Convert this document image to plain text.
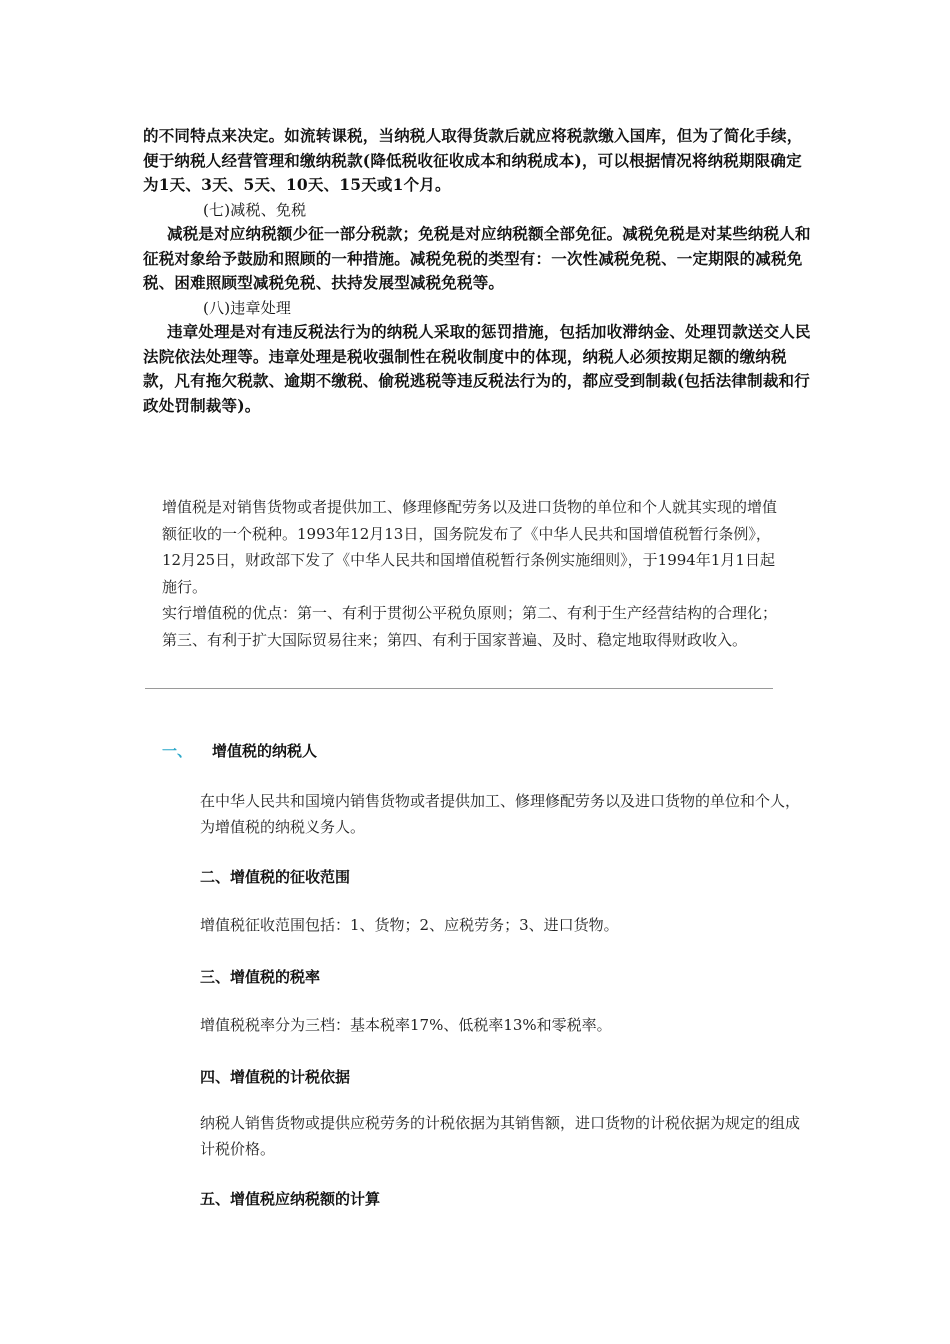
的不同特点来决定。如流转课税，当纳税人取得货款后就应将税款缴入国库，但为了简化手续，便于纳税人经营管理和缴纳税款(降低税收征收成本和纳税成本)，可以根据情况将纳税期限确定为1天、3天、5天、10天、15天或1个月。

(七)减税、免税

减税是对应纳税额少征一部分税款；免税是对应纳税额全部免征。减税免税是对某些纳税人和征税对象给予鼓励和照顾的一种措施。减税免税的类型有：一次性减税免税、一定期限的减税免税、困难照顾型减税免税、扶持发展型减税免税等。

(八)违章处理

违章处理是对有违反税法行为的纳税人采取的惩罚措施，包括加收滞纳金、处理罚款送交人民法院依法处理等。违章处理是税收强制性在税收制度中的体现，纳税人必须按期足额的缴纳税款，凡有拖欠税款、逾期不缴税、偷税逃税等违反税法行为的，都应受到制裁(包括法律制裁和行政处罚制裁等)。

增值税是对销售货物或者提供加工、修理修配劳务以及进口货物的单位和个人就其实现的增值额征收的一个税种。1993年12月13日，国务院发布了《中华人民共和国增值税暂行条例》，12月25日，财政部下发了《中华人民共和国增值税暂行条例实施细则》，于1994年1月1日起施行。

实行增值税的优点：第一、有利于贯彻公平税负原则；第二、有利于生产经营结构的合理化；第三、有利于扩大国际贸易往来；第四、有利于国家普遍、及时、稳定地取得财政收入。

一、 增值税的纳税人

在中华人民共和国境内销售货物或者提供加工、修理修配劳务以及进口货物的单位和个人，为增值税的纳税义务人。

二、增值税的征收范围

增值税征收范围包括：1、货物；2、应税劳务；3、进口货物。

三、增值税的税率

增值税税率分为三档：基本税率17%、低税率13%和零税率。

四、增值税的计税依据

纳税人销售货物或提供应税劳务的计税依据为其销售额，进口货物的计税依据为规定的组成计税价格。

五、增值税应纳税额的计算
